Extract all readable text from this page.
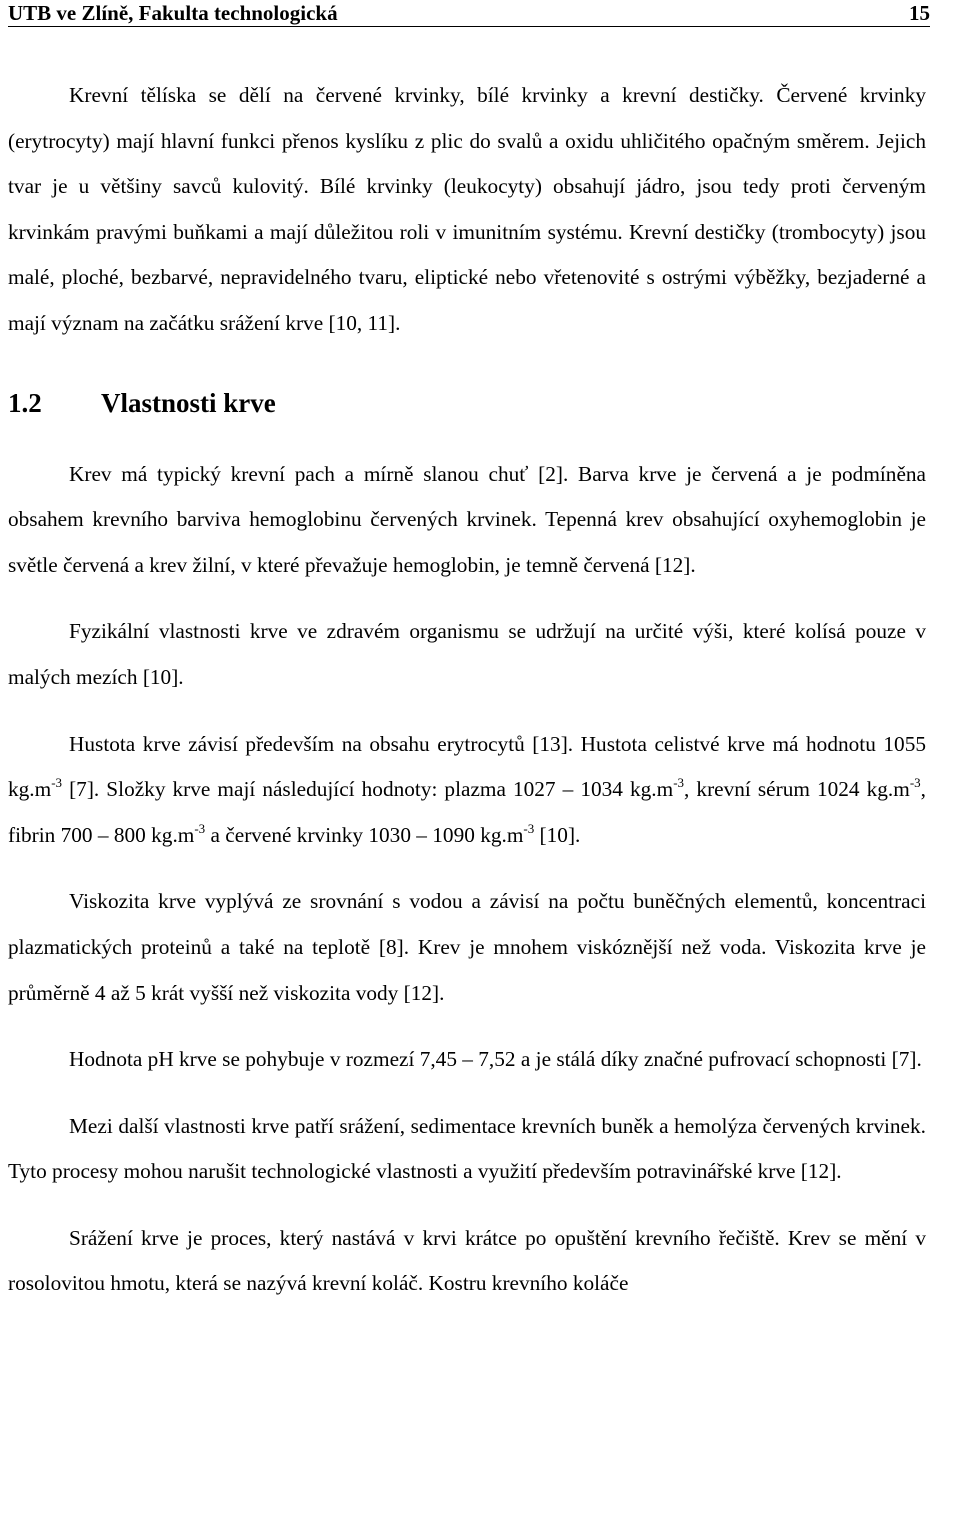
UTB ve Zlíně, Fakulta technologická	15

Krevní tělíska se dělí na červené krvinky, bílé krvinky a krevní destičky. Červené krvinky (erytrocyty) mají hlavní funkci přenos kyslíku z plic do svalů a oxidu uhličitého opačným směrem. Jejich tvar je u většiny savců kulovitý. Bílé krvinky (leukocyty) obsahují jádro, jsou tedy proti červeným krvinkám pravými buňkami a mají důležitou roli v imunitním systému. Krevní destičky (trombocyty) jsou malé, ploché, bezbarvé, nepravidelného tvaru, eliptické nebo vřetenovité s ostrými výběžky, bezjaderné a mají význam na začátku srážení krve [10, 11].

1.2 Vlastnosti krve

Krev má typický krevní pach a mírně slanou chuť [2]. Barva krve je červená a je podmíněna obsahem krevního barviva hemoglobinu červených krvinek. Tepenná krev obsahující oxyhemoglobin je světle červená a krev žilní, v které převažuje hemoglobin, je temně červená [12].

Fyzikální vlastnosti krve ve zdravém organismu se udržují na určité výši, které kolísá pouze v malých mezích [10].

Hustota krve závisí především na obsahu erytrocytů [13]. Hustota celistvé krve má hodnotu 1055 $kg.m^{-3}$ [7]. Složky krve mají následující hodnoty: plazma 1027 – 1034 $kg.m^{-3}$, krevní sérum 1024 $kg.m^{-3}$, fibrin 700 – 800 $kg.m^{-3}$ a červené krvinky 1030 – 1090 $kg.m^{-3}$ [10].

Viskozita krve vyplývá ze srovnání s vodou a závisí na počtu buněčných elementů, koncentraci plazmatických proteinů a také na teplotě [8]. Krev je mnohem viskóznější než voda. Viskozita krve je průměrně 4 až 5 krát vyšší než viskozita vody [12].

Hodnota pH krve se pohybuje v rozmezí 7,45 – 7,52 a je stálá díky značné pufrovací schopnosti [7].

Mezi další vlastnosti krve patří srážení, sedimentace krevních buněk a hemolýza červených krvinek. Tyto procesy mohou narušit technologické vlastnosti a využití především potravinářské krve [12].

Srážení krve je proces, který nastává v krvi krátce po opuštění krevního řečiště. Krev se mění v rosolovitou hmotu, která se nazývá krevní koláč. Kostru krevního koláče
